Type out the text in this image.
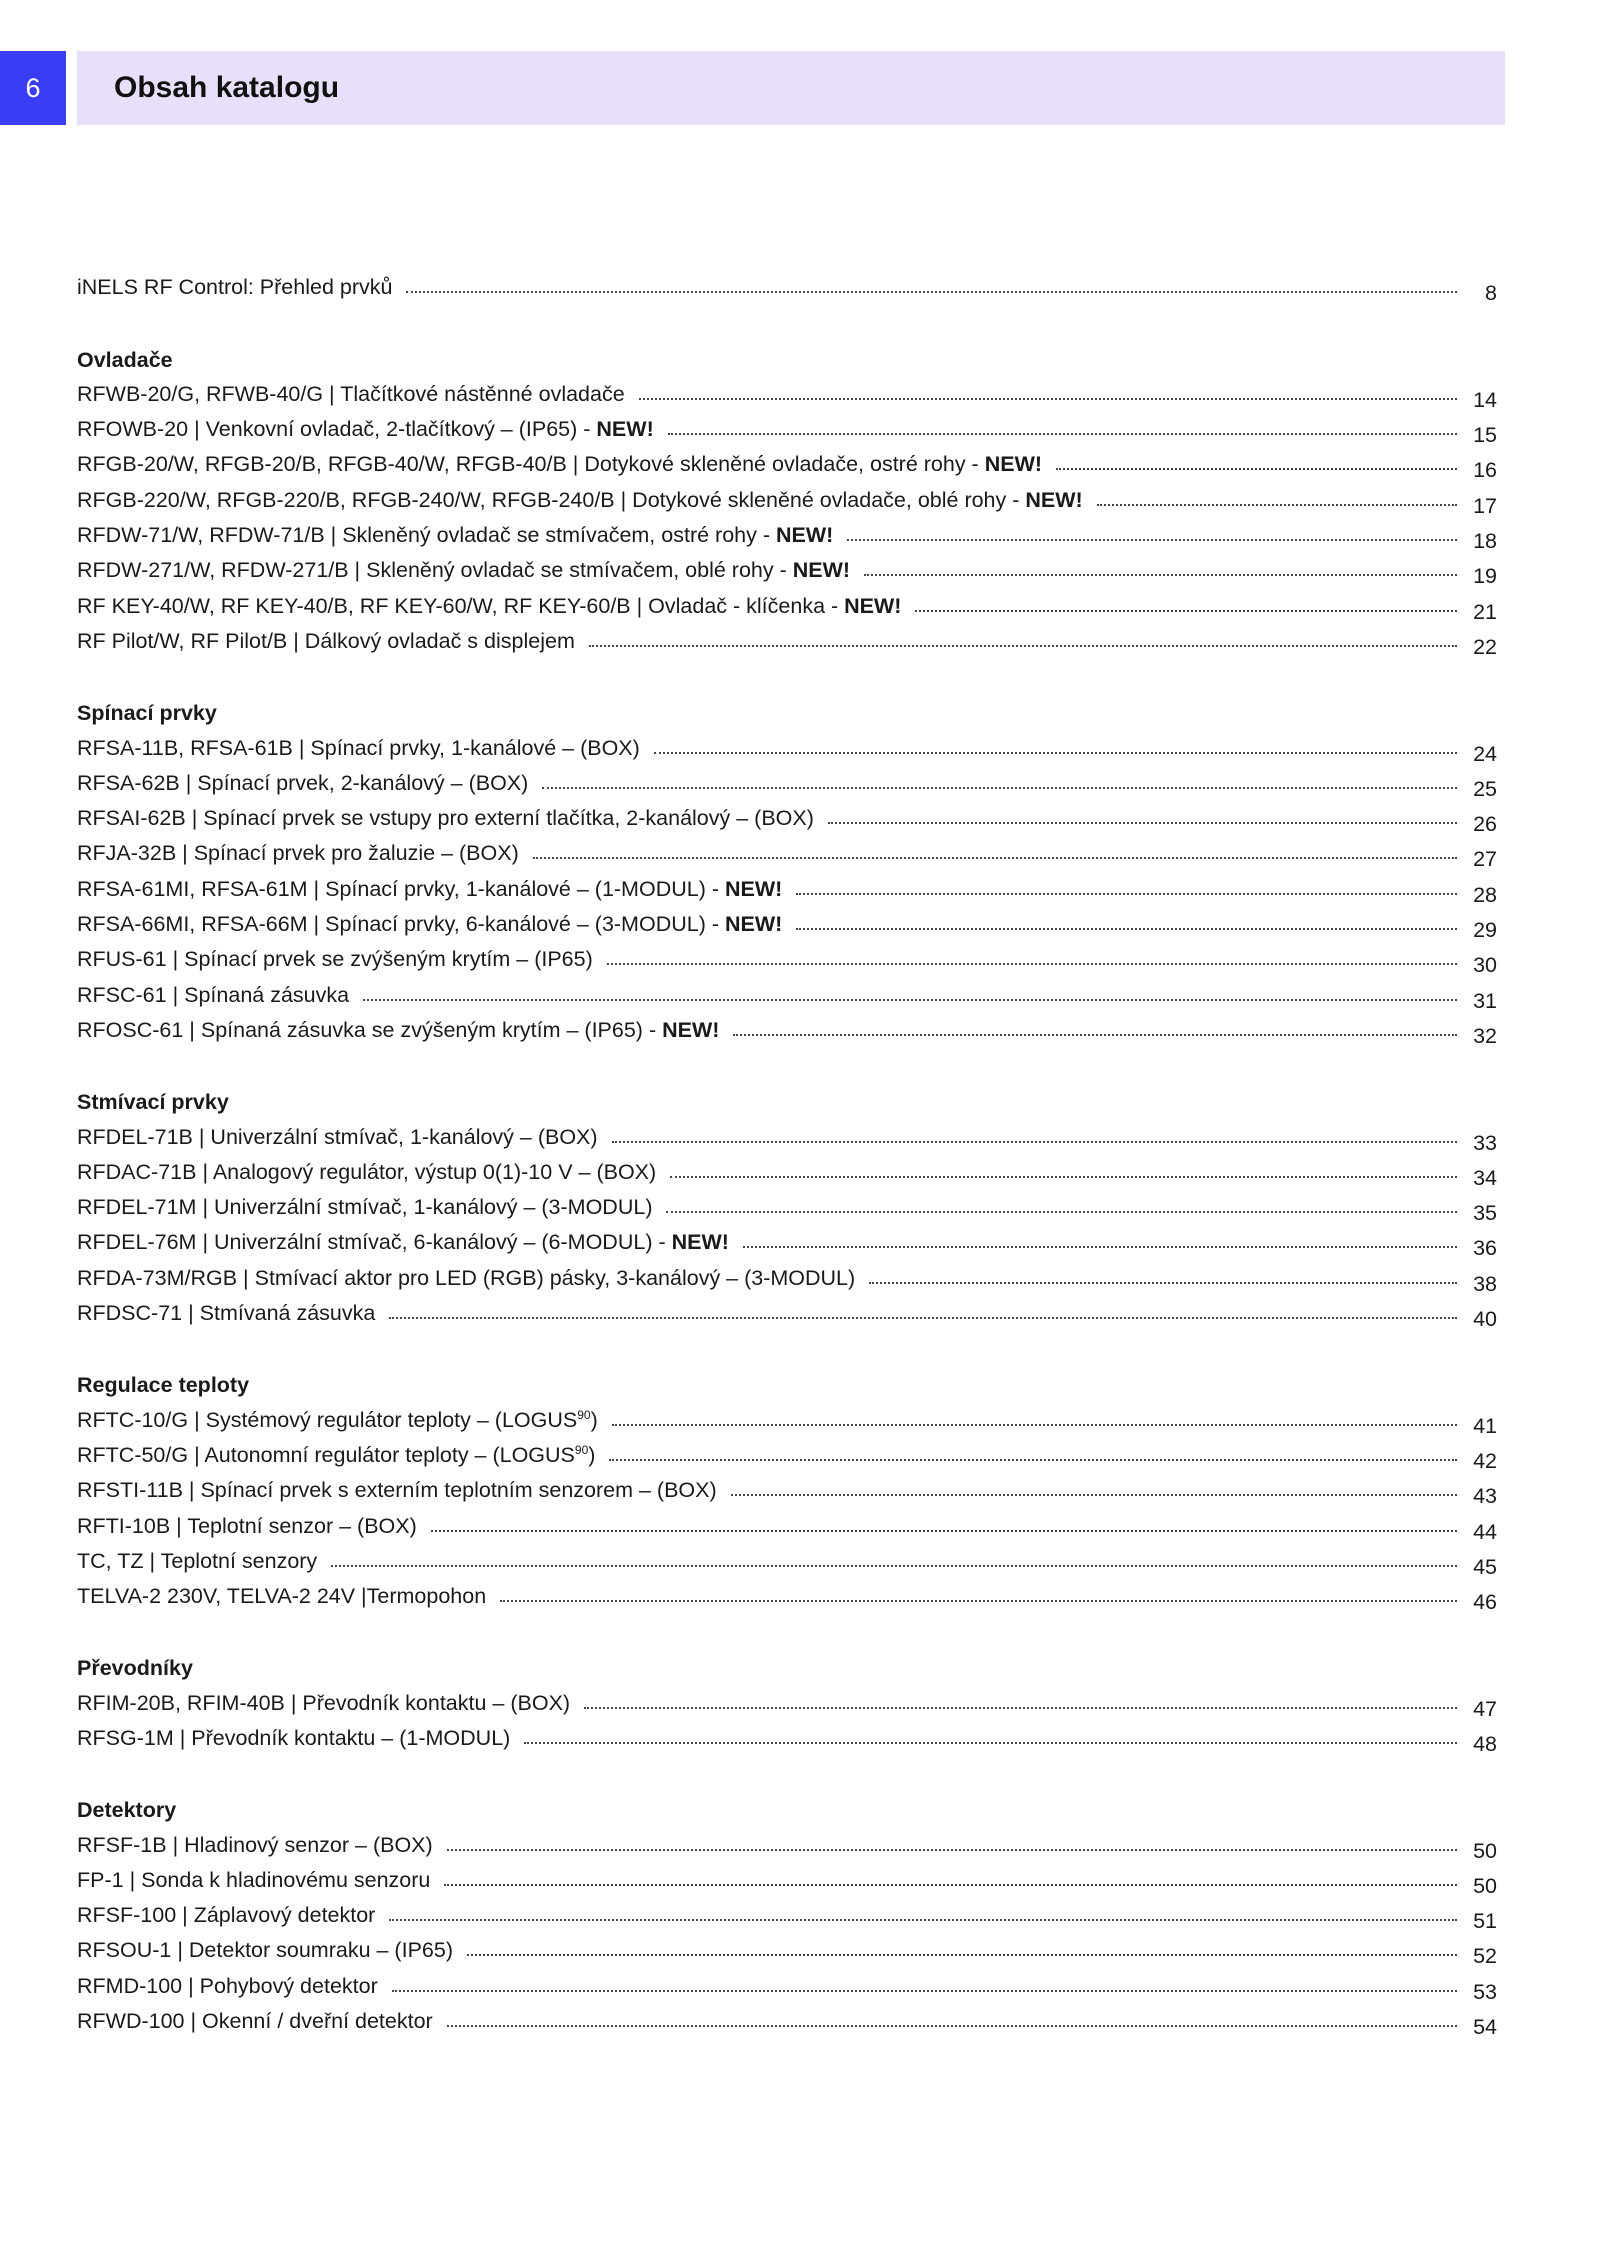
6	Obsah katalogu
iNELS RF Control: Přehled prvků	8
Ovladače
RFWB-20/G, RFWB-40/G | Tlačítkové nástěnné ovladače	14
RFOWB-20 | Venkovní ovladač, 2-tlačítkový – (IP65) - NEW!	15
RFGB-20/W, RFGB-20/B, RFGB-40/W, RFGB-40/B | Dotykové skleněné ovladače, ostré rohy - NEW!	16
RFGB-220/W, RFGB-220/B, RFGB-240/W, RFGB-240/B | Dotykové skleněné ovladače, oblé rohy - NEW!	17
RFDW-71/W, RFDW-71/B | Skleněný ovladač se stmívačem, ostré rohy - NEW!	18
RFDW-271/W, RFDW-271/B | Skleněný ovladač se stmívačem, oblé rohy - NEW!	19
RF KEY-40/W, RF KEY-40/B, RF KEY-60/W, RF KEY-60/B | Ovladač - klíčenka - NEW!	21
RF Pilot/W, RF Pilot/B | Dálkový ovladač s displejem	22
Spínací prvky
RFSA-11B, RFSA-61B | Spínací prvky, 1-kanálové – (BOX)	24
RFSA-62B | Spínací prvek, 2-kanálový – (BOX)	25
RFSAI-62B | Spínací prvek se vstupy pro externí tlačítka, 2-kanálový – (BOX)	26
RFJA-32B | Spínací prvek pro žaluzie – (BOX)	27
RFSA-61MI, RFSA-61M | Spínací prvky, 1-kanálové – (1-MODUL) - NEW!	28
RFSA-66MI, RFSA-66M | Spínací prvky, 6-kanálové – (3-MODUL) - NEW!	29
RFUS-61 | Spínací prvek se zvýšeným krytím – (IP65)	30
RFSC-61 | Spínaná zásuvka	31
RFOSC-61 | Spínaná zásuvka se zvýšeným krytím – (IP65) - NEW!	32
Stmívací prvky
RFDEL-71B | Univerzální stmívač, 1-kanálový – (BOX)	33
RFDAC-71B | Analogový regulátor, výstup 0(1)-10 V – (BOX)	34
RFDEL-71M | Univerzální stmívač, 1-kanálový – (3-MODUL)	35
RFDEL-76M | Univerzální stmívač, 6-kanálový – (6-MODUL) - NEW!	36
RFDA-73M/RGB | Stmívací aktor pro LED (RGB) pásky, 3-kanálový – (3-MODUL)	38
RFDSC-71 | Stmívaná zásuvka	40
Regulace teploty
RFTC-10/G | Systémový regulátor teploty – (LOGUS$^{90}$)	41
RFTC-50/G | Autonomní regulátor teploty – (LOGUS$^{90}$)	42
RFSTI-11B | Spínací prvek s externím teplotním senzorem – (BOX)	43
RFTI-10B | Teplotní senzor – (BOX)	44
TC, TZ | Teplotní senzory	45
TELVA-2 230V, TELVA-2 24V |Termopohon	46
Převodníky
RFIM-20B, RFIM-40B | Převodník kontaktu – (BOX)	47
RFSG-1M | Převodník kontaktu – (1-MODUL)	48
Detektory
RFSF-1B | Hladinový senzor – (BOX)	50
FP-1 | Sonda k hladinovému senzoru	50
RFSF-100 | Záplavový detektor	51
RFSOU-1 | Detektor soumraku – (IP65)	52
RFMD-100 | Pohybový detektor	53
RFWD-100 | Okenní / dveřní detektor	54
